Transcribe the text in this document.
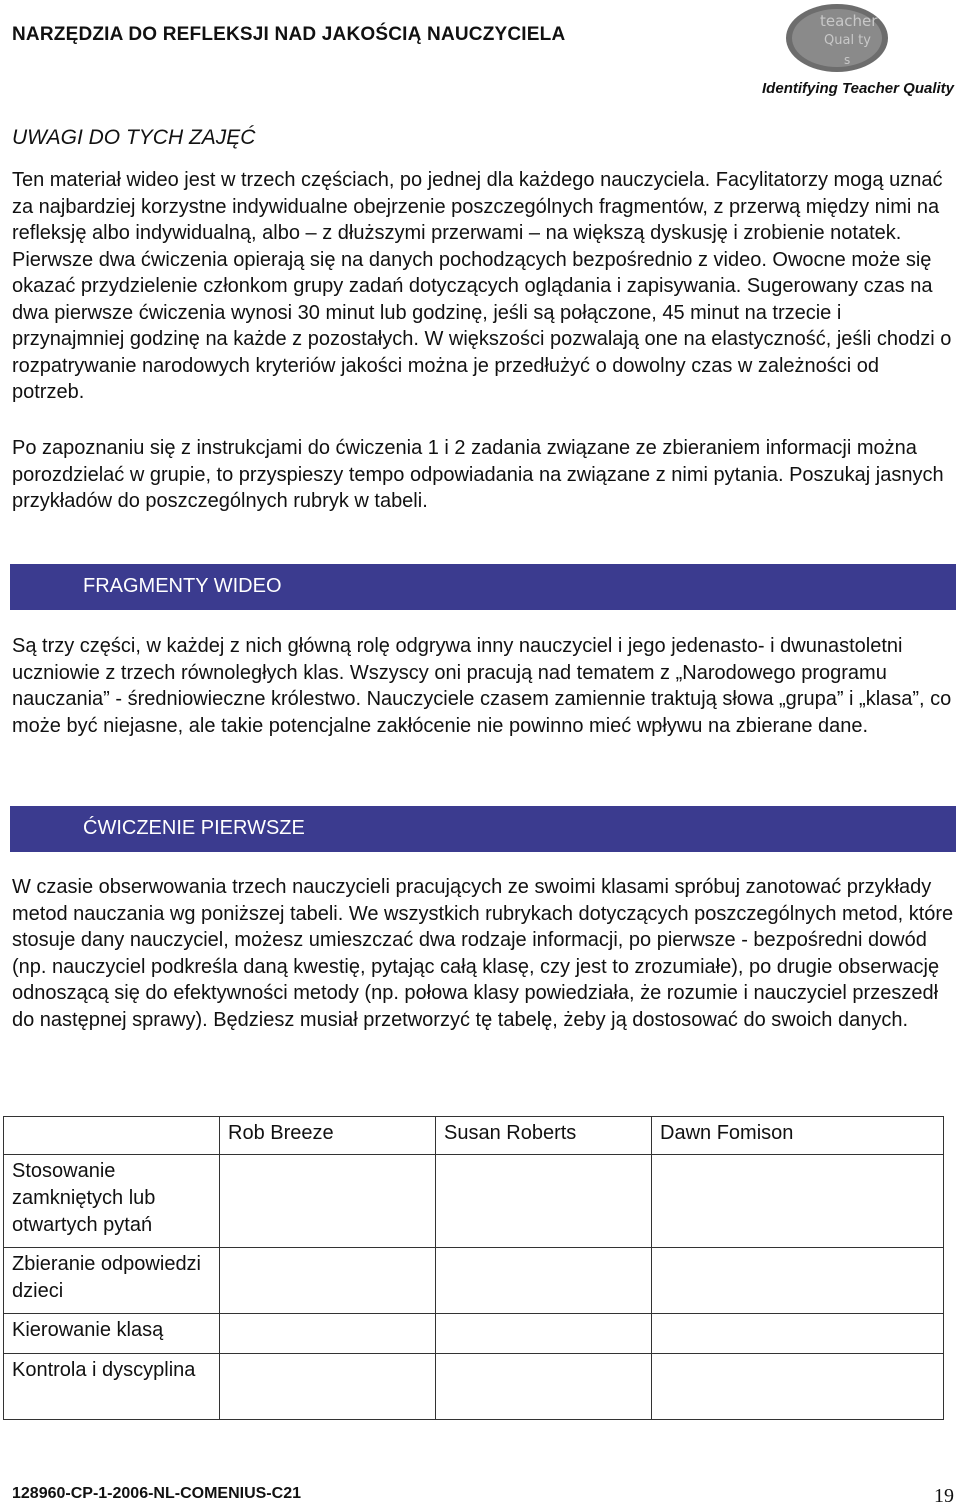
NARZĘDZIA DO REFLEKSJI NAD JAKOŚCIĄ NAUCZYCIELA
teacher
Qual ty
s
Identifying Teacher Quality
UWAGI DO TYCH ZAJĘĆ

Ten materiał wideo jest w trzech częściach, po jednej dla każdego nauczyciela. Facylitatorzy mogą uznać za najbardziej korzystne indywidualne obejrzenie poszczególnych fragmentów, z przerwą między nimi na refleksję albo indywidualną, albo – z dłuższymi przerwami – na większą dyskusję i zrobienie notatek. Pierwsze dwa ćwiczenia opierają się na danych pochodzących bezpośrednio z video. Owocne może się okazać przydzielenie członkom grupy zadań dotyczących oglądania i zapisywania. Sugerowany czas na dwa pierwsze ćwiczenia wynosi 30 minut lub godzinę, jeśli są połączone, 45 minut na trzecie i przynajmniej godzinę na każde z pozostałych. W większości pozwalają one na elastyczność, jeśli chodzi o rozpatrywanie narodowych kryteriów jakości można je przedłużyć o dowolny czas w zależności od potrzeb.

Po zapoznaniu się z instrukcjami do ćwiczenia 1 i 2 zadania związane ze zbieraniem informacji można porozdzielać w grupie, to przyspieszy tempo odpowiadania na związane z nimi pytania. Poszukaj jasnych przykładów do poszczególnych rubryk w tabeli.

FRAGMENTY WIDEO

Są trzy części, w każdej z nich główną rolę odgrywa inny nauczyciel i jego jedenasto- i dwunastoletni uczniowie z trzech równoległych klas. Wszyscy oni pracują nad tematem z „Narodowego programu nauczania” - średniowieczne królestwo. Nauczyciele czasem zamiennie traktują słowa „grupa” i „klasa”, co może być niejasne, ale takie potencjalne zakłócenie nie powinno mieć wpływu na zbierane dane.

ĆWICZENIE PIERWSZE

W czasie obserwowania trzech nauczycieli pracujących ze swoimi klasami spróbuj zanotować przykłady metod nauczania wg poniższej tabeli. We wszystkich rubrykach dotyczących poszczególnych metod, które stosuje dany nauczyciel, możesz umieszczać dwa rodzaje informacji, po pierwsze - bezpośredni dowód (np. nauczyciel podkreśla daną kwestię, pytając całą klasę, czy jest to zrozumiałe), po drugie obserwację odnoszącą się do efektywności metody (np. połowa klasy powiedziała, że rozumie i nauczyciel przeszedł do następnej sprawy). Będziesz musiał przetworzyć tę tabelę, żeby ją dostosować do swoich danych.

	Rob Breeze	Susan Roberts	Dawn Fomison
Stosowanie zamkniętych lub otwartych pytań			
Zbieranie odpowiedzi dzieci			
Kierowanie klasą			
Kontrola i dyscyplina			
128960-CP-1-2006-NL-COMENIUS-C21	19
